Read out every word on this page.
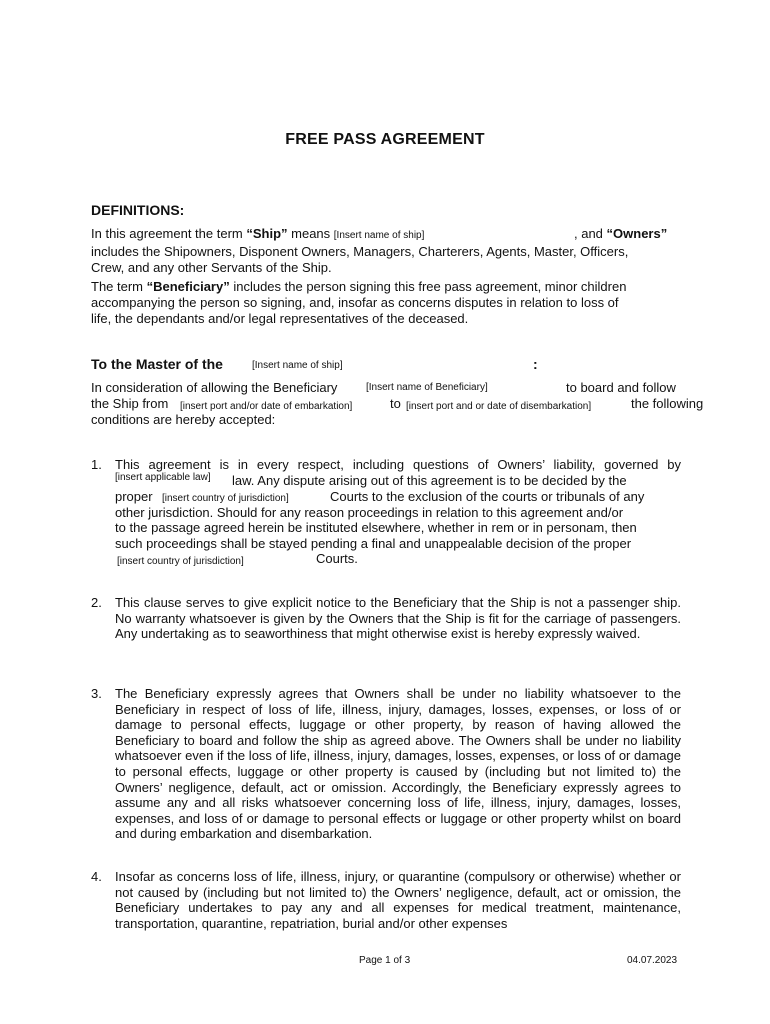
FREE PASS AGREEMENT
DEFINITIONS:
In this agreement the term “Ship” means [Insert name of ship]	, and “Owners”
includes the Shipowners, Disponent Owners, Managers, Charterers, Agents, Master, Officers,
Crew, and any other Servants of the Ship.
The term “Beneficiary” includes the person signing this free pass agreement, minor children
accompanying the person so signing, and, insofar as concerns disputes in relation to loss of
life, the dependants and/or legal representatives of the deceased.
To the Master of the	[Insert name of ship]	:
In consideration of allowing the Beneficiary	[Insert name of Beneficiary]	to board and follow
the Ship from [insert port and/or date of embarkation]	to [insert port and or date of disembarkation]	the following
conditions are hereby accepted:
1.	This agreement is in every respect, including questions of Owners’ liability, governed by
[insert applicable law] law. Any dispute arising out of this agreement is to be decided by the
proper [insert country of jurisdiction]	Courts to the exclusion of the courts or tribunals of any
other jurisdiction. Should for any reason proceedings in relation to this agreement and/or
to the passage agreed herein be instituted elsewhere, whether in rem or in personam, then
such proceedings shall be stayed pending a final and unappealable decision of the proper
[insert country of jurisdiction]	Courts.
2.	This clause serves to give explicit notice to the Beneficiary that the Ship is not a passenger ship. No warranty whatsoever is given by the Owners that the Ship is fit for the carriage of passengers. Any undertaking as to seaworthiness that might otherwise exist is hereby expressly waived.
3.	The Beneficiary expressly agrees that Owners shall be under no liability whatsoever to the Beneficiary in respect of loss of life, illness, injury, damages, losses, expenses, or loss of or damage to personal effects, luggage or other property, by reason of having allowed the Beneficiary to board and follow the ship as agreed above. The Owners shall be under no liability whatsoever even if the loss of life, illness, injury, damages, losses, expenses, or loss of or damage to personal effects, luggage or other property is caused by (including but not limited to) the Owners’ negligence, default, act or omission. Accordingly, the Beneficiary expressly agrees to assume any and all risks whatsoever concerning loss of life, illness, injury, damages, losses, expenses, and loss of or damage to personal effects or luggage or other property whilst on board and during embarkation and disembarkation.
4.	Insofar as concerns loss of life, illness, injury, or quarantine (compulsory or otherwise) whether or not caused by (including but not limited to) the Owners’ negligence, default, act or omission, the Beneficiary undertakes to pay any and all expenses for medical treatment, maintenance, transportation, quarantine, repatriation, burial and/or other expenses
Page 1 of 3	04.07.2023
